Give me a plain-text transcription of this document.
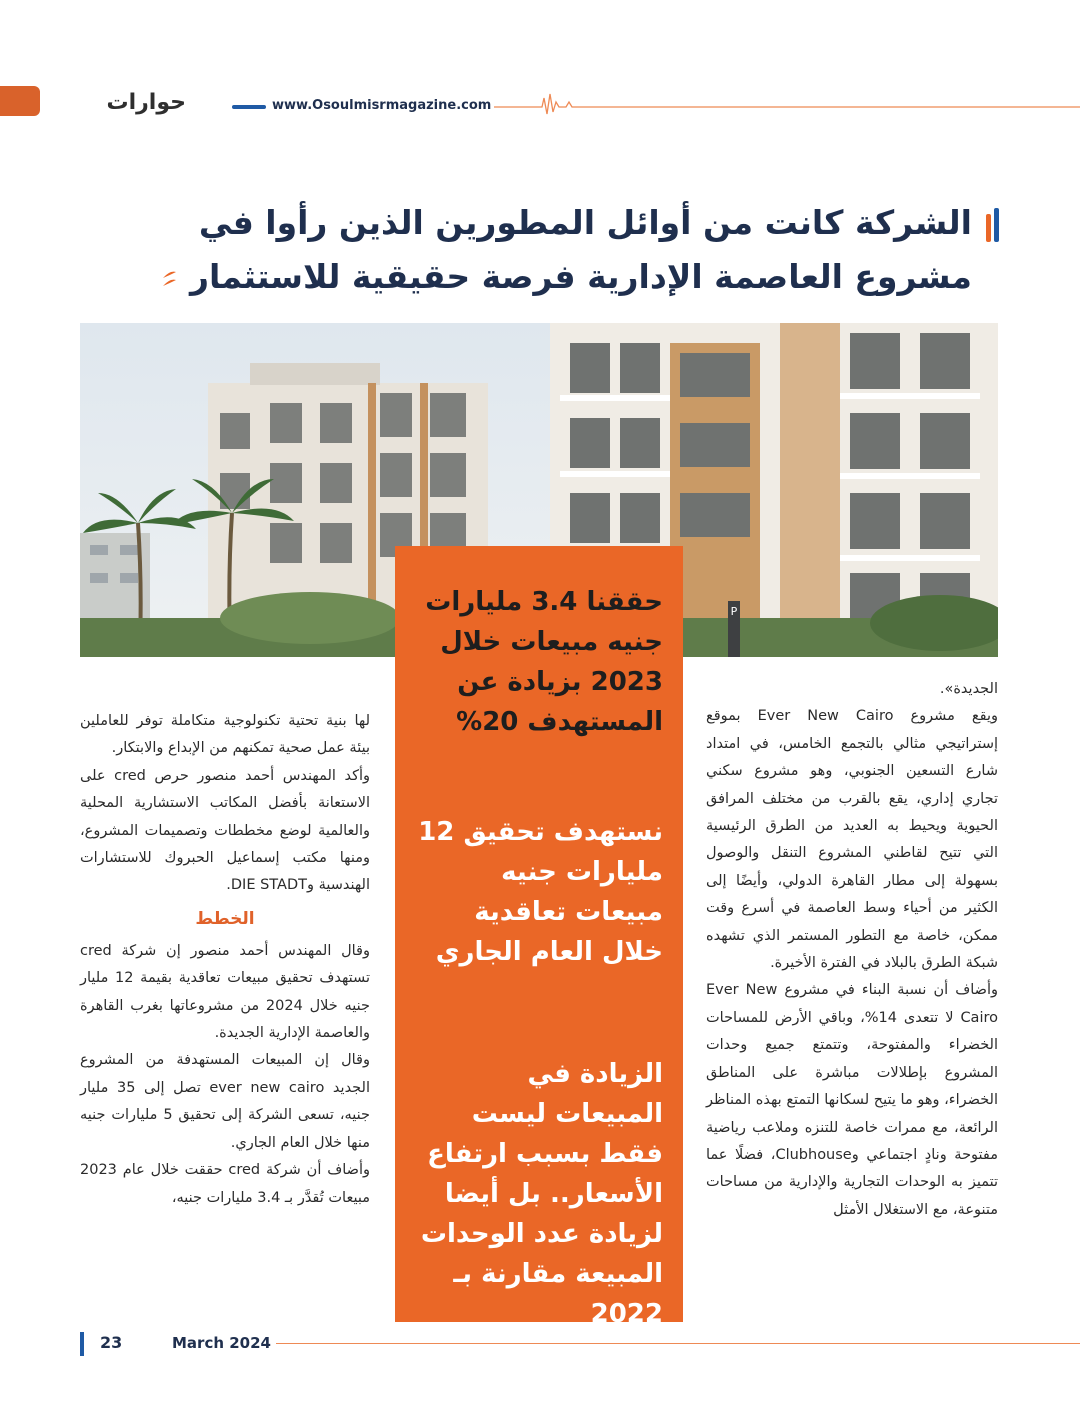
حوارات	www.Osoulmisrmagazine.com
الشركة كانت من أوائل المطورين الذين رأوا في
مشروع العاصمة الإدارية فرصة حقيقية للاستثمار
P
حققنا 3.4 مليارات جنيه مبيعات خلال 2023 بزيادة عن المستهدف 20%
نستهدف تحقيق 12 مليارات جنيه مبيعات تعاقدية خلال العام الجاري
الزيادة في المبيعات ليست فقط بسبب ارتفاع الأسعار.. بل أيضا لزيادة عدد الوحدات المبيعة مقارنة بـ 2022

الجديدة».

ويقع مشروع Ever New Cairo بموقع إستراتيجي مثالي بالتجمع الخامس، في امتداد شارع التسعين الجنوبي، وهو مشروع سكني تجاري إداري، يقع بالقرب من مختلف المرافق الحيوية ويحيط به العديد من الطرق الرئيسية التي تتيح لقاطني المشروع التنقل والوصول بسهولة إلى مطار القاهرة الدولي، وأيضًا إلى الكثير من أحياء وسط العاصمة في أسرع وقت ممكن، خاصة مع التطور المستمر الذي تشهده شبكة الطرق بالبلاد في الفترة الأخيرة.

وأضاف أن نسبة البناء في مشروع Ever New Cairo لا تتعدى 14%، وباقي الأرض للمساحات الخضراء والمفتوحة، وتتمتع جميع وحدات المشروع بإطلالات مباشرة على المناطق الخضراء، وهو ما يتيح لسكانها التمتع بهذه المناظر الرائعة، مع ممرات خاصة للتنزه وملاعب رياضية مفتوحة ونادٍ اجتماعي وClubhouse، فضلًا عما تتميز به الوحدات التجارية والإدارية من مساحات متنوعة، مع الاستغلال الأمثل

لها بنية تحتية تكنولوجية متكاملة توفر للعاملين بيئة عمل صحية تمكنهم من الإبداع والابتكار.

وأكد المهندس أحمد منصور حرص cred على الاستعانة بأفضل المكاتب الاستشارية المحلية والعالمية لوضع مخططات وتصميمات المشروع، ومنها مكتب إسماعيل الحبروك للاستشارات الهندسية وDIE STADT.

الخطط

وقال المهندس أحمد منصور إن شركة cred تستهدف تحقيق مبيعات تعاقدية بقيمة 12 مليار جنيه خلال 2024 من مشروعاتها بغرب القاهرة والعاصمة الإدارية الجديدة.

وقال إن المبيعات المستهدفة من المشروع الجديد ever new cairo تصل إلى 35 مليار جنيه، تسعى الشركة إلى تحقيق 5 مليارات جنيه منها خلال العام الجاري.

وأضاف أن شركة cred حققت خلال عام 2023 مبيعات تُقدَّر بـ 3.4 مليارات جنيه،

23	March 2024
